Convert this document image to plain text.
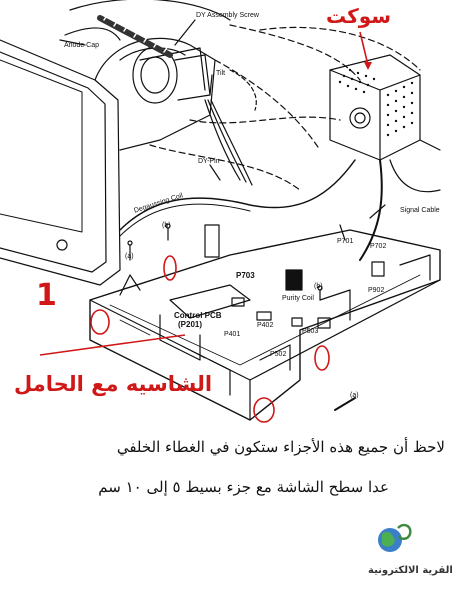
Anode Cap
DY Assembly Screw
Tilt
DY-Pin
Degaussing Coil	Signal Cable
P701
P702
P703
P902
Purity Coil
Control PCB
(P201)	P402
P401	P503
P502
(a)
(a)
(b)
(b)
سوكت
1
الشاسيه مع الحامل
لاحظ أن جميع هذه الأجزاء ستكون في الغطاء الخلفي
عدا سطح الشاشة مع جزء بسيط ٥ إلى ١٠ سم
القرية الالكترونية
